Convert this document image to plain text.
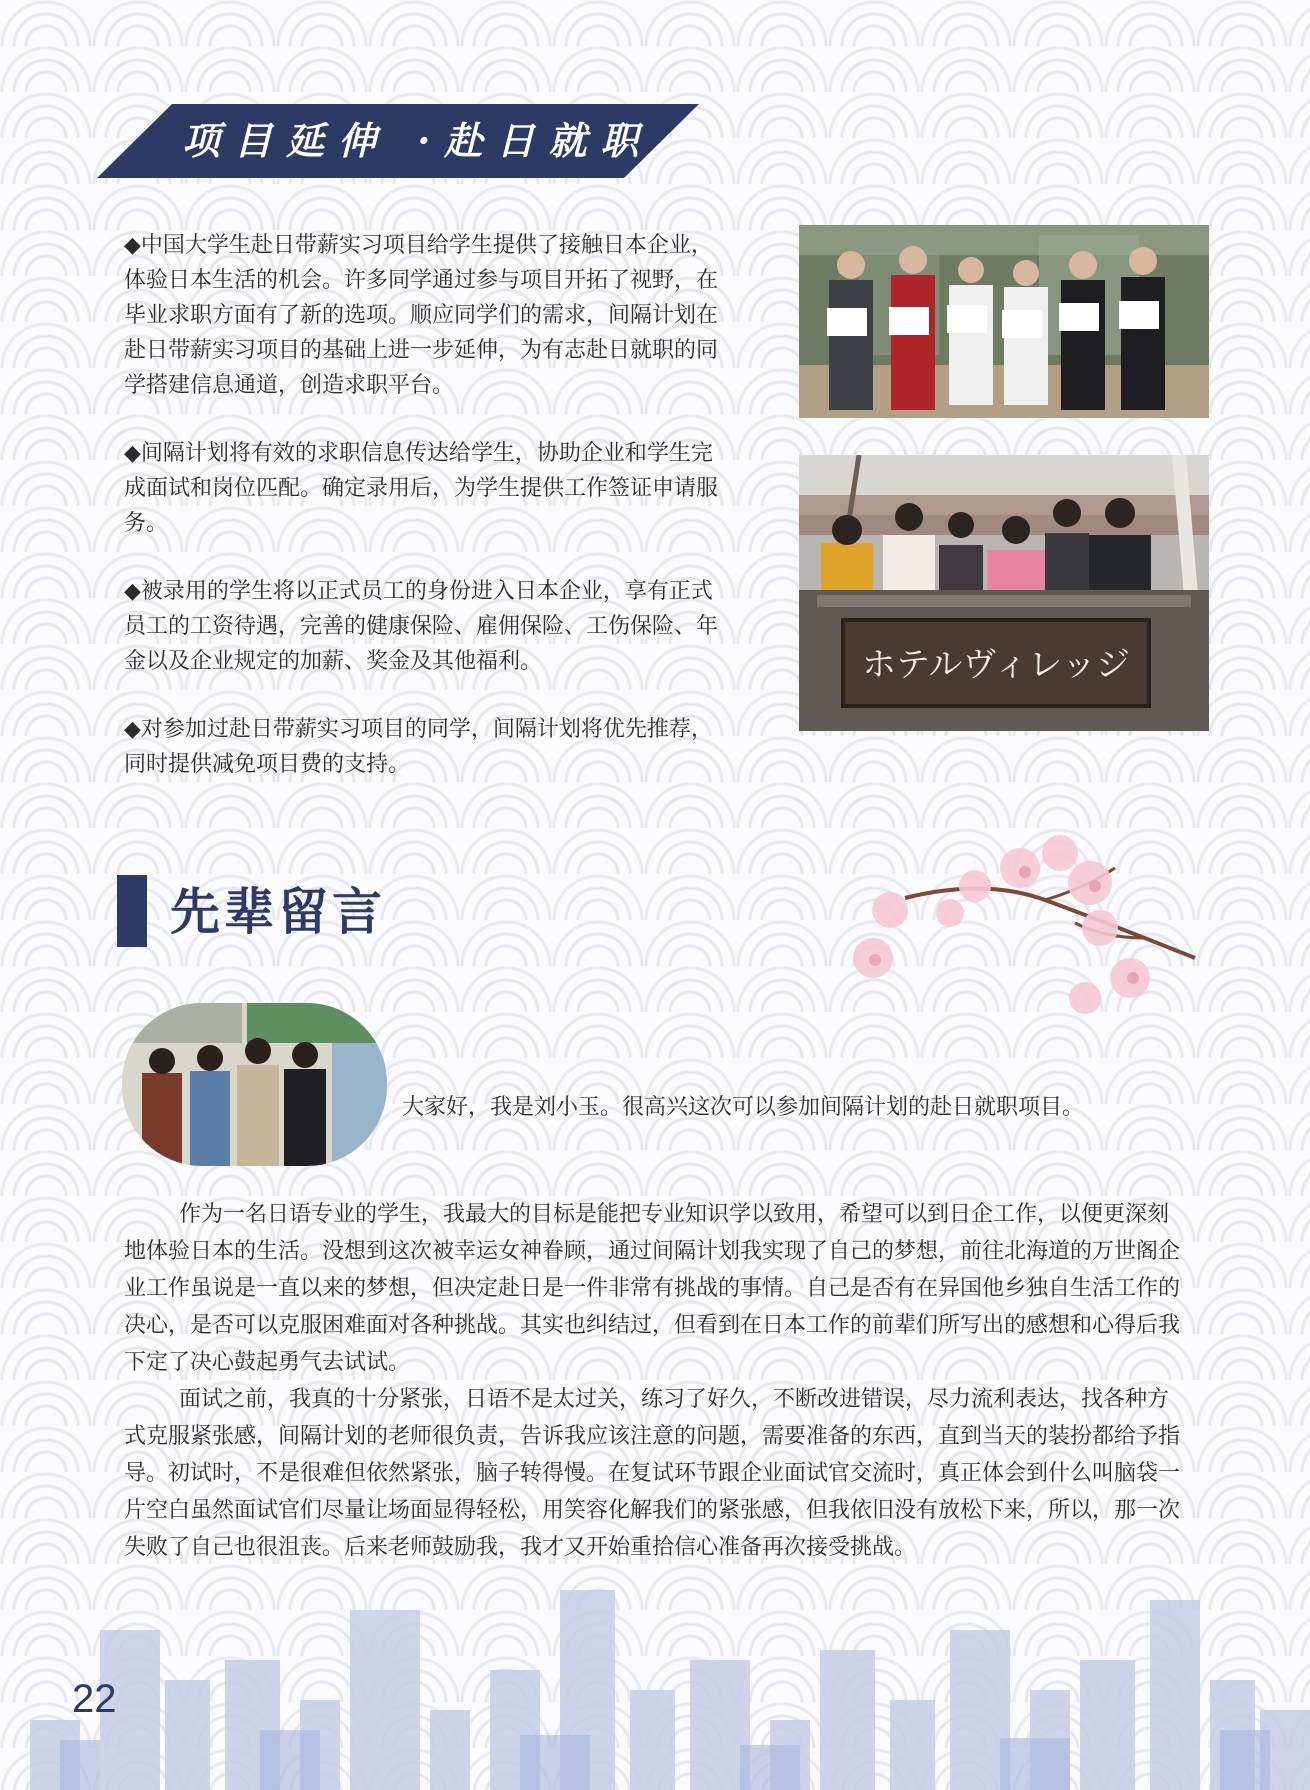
项目延伸 ·赴日就职

◆中国大学生赴日带薪实习项目给学生提供了接触日本企业，体验日本生活的机会。许多同学通过参与项目开拓了视野，在毕业求职方面有了新的选项。顺应同学们的需求，间隔计划在赴日带薪实习项目的基础上进一步延伸，为有志赴日就职的同学搭建信息通道，创造求职平台。

◆间隔计划将有效的求职信息传达给学生，协助企业和学生完成面试和岗位匹配。确定录用后，为学生提供工作签证申请服务。

◆被录用的学生将以正式员工的身份进入日本企业，享有正式员工的工资待遇，完善的健康保险、雇佣保险、工伤保险、年金以及企业规定的加薪、奖金及其他福利。

◆对参加过赴日带薪实习项目的同学，间隔计划将优先推荐，同时提供减免项目费的支持。

ホテルヴィレッジ
先辈留言
大家好，我是刘小玉。很高兴这次可以参加间隔计划的赴日就职项目。

作为一名日语专业的学生，我最大的目标是能把专业知识学以致用，希望可以到日企工作，以便更深刻地体验日本的生活。没想到这次被幸运女神眷顾，通过间隔计划我实现了自己的梦想，前往北海道的万世阁企业工作虽说是一直以来的梦想，但决定赴日是一件非常有挑战的事情。自己是否有在异国他乡独自生活工作的决心，是否可以克服困难面对各种挑战。其实也纠结过，但看到在日本工作的前辈们所写出的感想和心得后我下定了决心鼓起勇气去试试。

面试之前，我真的十分紧张，日语不是太过关，练习了好久，不断改进错误，尽力流利表达，找各种方式克服紧张感，间隔计划的老师很负责，告诉我应该注意的问题，需要准备的东西，直到当天的装扮都给予指导。初试时，不是很难但依然紧张，脑子转得慢。在复试环节跟企业面试官交流时，真正体会到什么叫脑袋一片空白虽然面试官们尽量让场面显得轻松，用笑容化解我们的紧张感，但我依旧没有放松下来，所以，那一次失败了自己也很沮丧。后来老师鼓励我，我才又开始重拾信心准备再次接受挑战。

22
